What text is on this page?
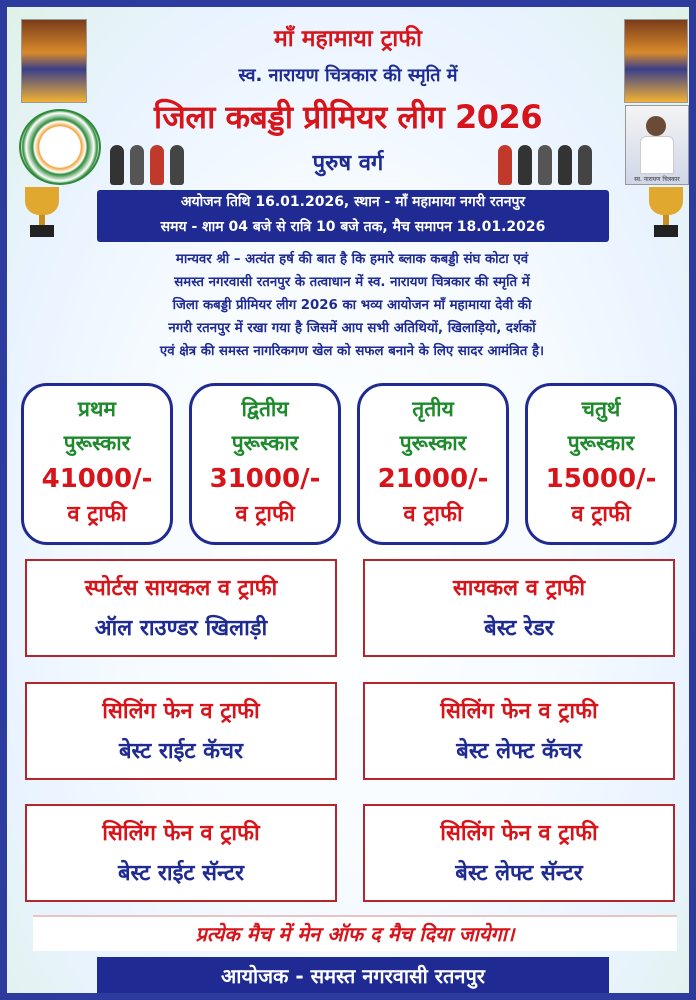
स्व. नारायण चित्रकार
माँ महामाया ट्राफी
स्व. नारायण चित्रकार की स्मृति में
जिला कबड्डी प्रीमियर लीग 2026
पुरुष वर्ग
अयोजन तिथि 16.01.2026, स्थान - माँ महामाया नगरी रतनपुर
समय - शाम 04 बजे से रात्रि 10 बजे तक, मैच समापन 18.01.2026
मान्यवर श्री – अत्यंत हर्ष की बात है कि हमारे ब्लाक कबड्डी संघ कोटा एवं
समस्त नगरवासी रतनपुर के तत्वाधान में स्व. नारायण चित्रकार की स्मृति में
जिला कबड्डी प्रीमियर लीग 2026 का भव्य आयोजन माँ महामाया देवी की
नगरी रतनपुर में रखा गया है जिसमें आप सभी अतिथियों, खिलाड़ियो, दर्शकों
एवं क्षेत्र की समस्त नागरिकगण खेल को सफल बनाने के लिए सादर आमंत्रित है।
प्रथम
पुरूस्कार
41000/-
व ट्राफी
द्वितीय
पुरूस्कार
31000/-
व ट्राफी
तृतीय
पुरूस्कार
21000/-
व ट्राफी
चतुर्थ
पुरूस्कार
15000/-
व ट्राफी
स्पोर्टस सायकल व ट्राफी
ऑल राउण्डर खिलाड़ी
सायकल व ट्राफी
बेस्ट रेडर
सिलिंग फेन व ट्राफी
बेस्ट राईट कॅचर
सिलिंग फेन व ट्राफी
बेस्ट लेफ्ट कॅचर
सिलिंग फेन व ट्राफी
बेस्ट राईट सॅन्टर
सिलिंग फेन व ट्राफी
बेस्ट लेफ्ट सॅन्टर
प्रत्येक मैच में मेन ऑफ द मैच दिया जायेगा।
आयोजक - समस्त नगरवासी रतनपुर
